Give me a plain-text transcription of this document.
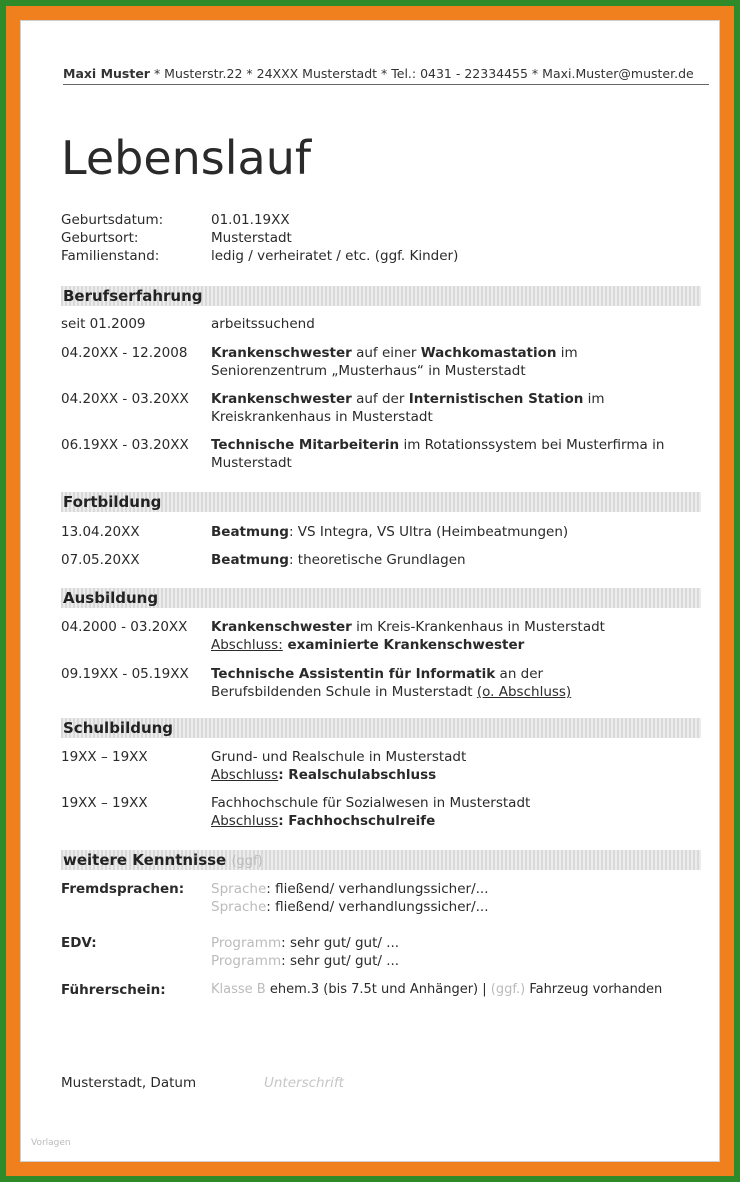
Maxi Muster * Musterstr.22 * 24XXX Musterstadt * Tel.: 0431 - 22334455 * Maxi.Muster@muster.de
Lebenslauf
Geburtsdatum:	01.01.19XX
Geburtsort:	Musterstadt
Familienstand:	ledig / verheiratet / etc. (ggf. Kinder)
Berufserfahrung
seit 01.2009	arbeitssuchend
04.20XX - 12.2008 Krankenschwester auf einer Wachkomastation im
Seniorenzentrum „Musterhaus“ in Musterstadt
04.20XX - 03.20XX Krankenschwester auf der Internistischen Station im
Kreiskrankenhaus in Musterstadt
06.19XX - 03.20XX Technische Mitarbeiterin im Rotationssystem bei Musterfirma in
Musterstadt
Fortbildung
13.04.20XX	Beatmung: VS Integra, VS Ultra (Heimbeatmungen)
07.05.20XX	Beatmung: theoretische Grundlagen
Ausbildung
04.2000 - 03.20XX Krankenschwester im Kreis-Krankenhaus in Musterstadt
Abschluss: examinierte Krankenschwester
09.19XX - 05.19XX Technische Assistentin für Informatik an der
Berufsbildenden Schule in Musterstadt (o. Abschluss)
Schulbildung
19XX – 19XX	Grund- und Realschule in Musterstadt
Abschluss: Realschulabschluss
19XX – 19XX	Fachhochschule für Sozialwesen in Musterstadt
Abschluss: Fachhochschulreife
weitere Kenntnisse (ggf)
Fremdsprachen: Sprache: fließend/ verhandlungssicher/...
Sprache: fließend/ verhandlungssicher/...
EDV:	Programm: sehr gut/ gut/ ...
Programm: sehr gut/ gut/ ...
Führerschein:	Klasse B ehem.3 (bis 7.5t und Anhänger) | (ggf.) Fahrzeug vorhanden
Musterstadt, Datum	Unterschrift
Vorlagen
